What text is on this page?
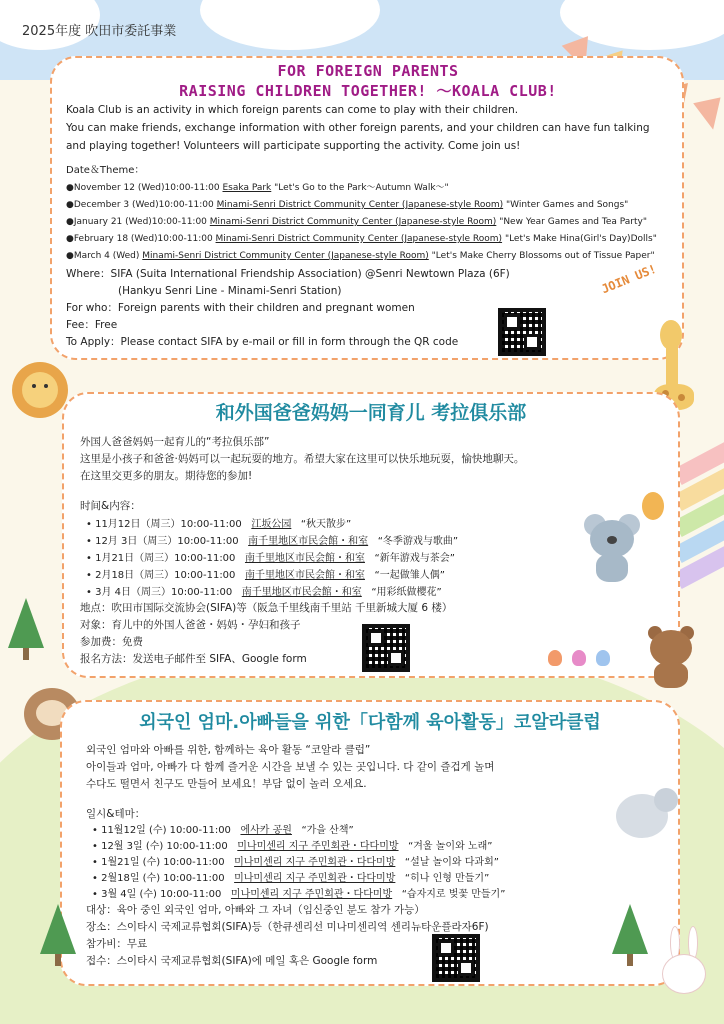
2025年度 吹田市委託事業
FOR FOREIGN PARENTS
RAISING CHILDREN TOGETHER! ～KOALA CLUB!
Koala Club is an activity in which foreign parents can come to play with their children.
You can make friends, exchange information with other foreign parents, and your children can have fun talking
and playing together! Volunteers will participate supporting the activity. Come join us!
Date＆Theme：
●November 12 (Wed)10:00-11:00 Esaka Park "Let's Go to the Park～Autumn Walk～"
●December 3 (Wed)10:00-11:00 Minami-Senri District Community Center (Japanese-style Room) "Winter Games and Songs"
●January 21 (Wed)10:00-11:00 Minami-Senri District Community Center (Japanese-style Room) "New Year Games and Tea Party"
●February 18 (Wed)10:00-11:00 Minami-Senri District Community Center (Japanese-style Room) "Let's Make Hina(Girl's Day)Dolls"
●March 4 (Wed) Minami-Senri District Community Center (Japanese-style Room) "Let's Make Cherry Blossoms out of Tissue Paper"
Where：SIFA (Suita International Friendship Association) @Senri Newtown Plaza (6F)
(Hankyu Senri Line - Minami-Senri Station)
For who：Foreign parents with their children and pregnant women
Fee：Free
To Apply：Please contact SIFA by e-mail or fill in form through the QR code
JOIN US!
和外国爸爸妈妈一同育儿 考拉俱乐部
外国人爸爸妈妈一起育儿的“考拉俱乐部”
这里是小孩子和爸爸·妈妈可以一起玩耍的地方。希望大家在这里可以快乐地玩耍，愉快地聊天。
在这里交更多的朋友。期待您的参加!
时间&内容：
• 11月12日（周三）10:00-11:00 江坂公园 “秋天散步”
• 12月 3日（周三）10:00-11:00 南千里地区市民会館・和室 “冬季游戏与歌曲”
• 1月21日（周三）10:00-11:00 南千里地区市民会館・和室 “新年游戏与茶会”
• 2月18日（周三）10:00-11:00 南千里地区市民会館・和室 “一起做雏人偶”
• 3月 4日（周三）10:00-11:00 南千里地区市民会館・和室 “用彩纸做樱花”
地点：吹田市国际交流协会(SIFA)等（阪急千里线南千里站 千里新城大厦 6 楼）
对象：育儿中的外国人爸爸・妈妈・孕妇和孩子
参加费：免费
报名方法：发送电子邮件至 SIFA、Google form
외국인 엄마.아빠들을 위한「다함께 육아활동」코알라클럽
외국인 엄마와 아빠를 위한, 함께하는 육아 활동 “코알라 클럽”
아이들과 엄마, 아빠가 다 함께 즐거운 시간을 보낼 수 있는 곳입니다. 다 같이 즐겁게 놀며
수다도 떨면서 친구도 만들어 보세요！부담 없이 놀러 오세요.
일시&테마：
• 11월12일 (수) 10:00-11:00 에사카 공원 “가을 산책”
• 12월 3일 (수) 10:00-11:00 미나미센리 지구 주민회관・다다미방 “겨울 놀이와 노래”
• 1월21일 (수) 10:00-11:00 미나미센리 지구 주민회관・다다미방 “설날 놀이와 다과회”
• 2월18일 (수) 10:00-11:00 미나미센리 지구 주민회관・다다미방 “히나 인형 만들기”
• 3월 4일 (수) 10:00-11:00 미나미센리 지구 주민회관・다다미방 “습자지로 벚꽃 만들기”
대상：육아 중인 외국인 엄마, 아빠와 그 자녀（임신중인 분도 참가 가능）
장소：스이타시 국제교류협회(SIFA)등（한큐센리선 미나미센리역 센리뉴타운플라자6F)
참가비：무료
접수：스이타시 국제교류협회(SIFA)에 메일 혹은 Google form
